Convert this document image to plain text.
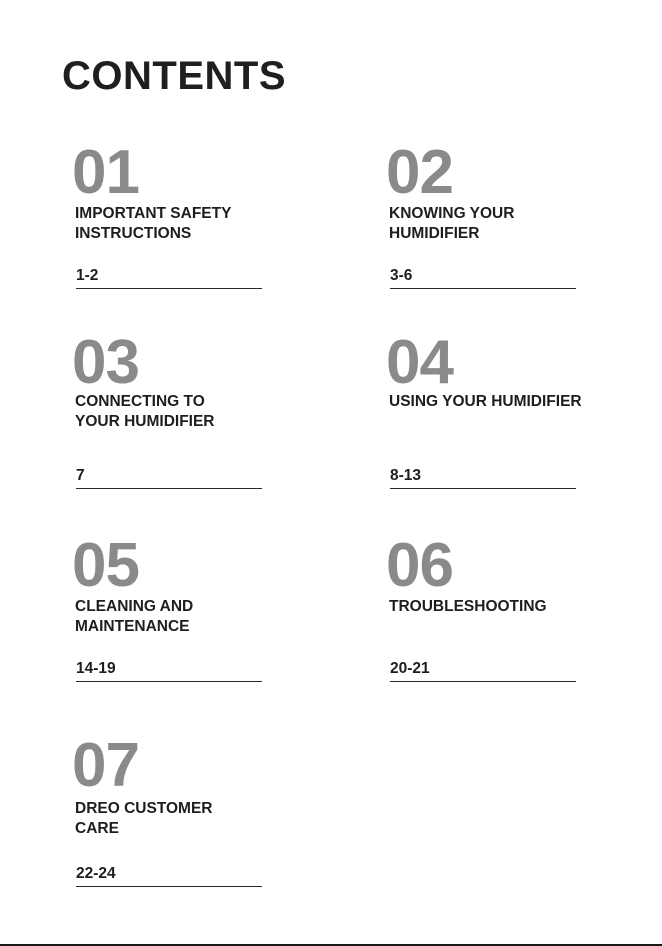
CONTENTS
01
IMPORTANT SAFETY
INSTRUCTIONS
1-2
02
KNOWING YOUR
HUMIDIFIER
3-6
03
CONNECTING TO
YOUR HUMIDIFIER
7
04
USING YOUR HUMIDIFIER
8-13
05
CLEANING AND
MAINTENANCE
14-19
06
TROUBLESHOOTING
20-21
07
DREO CUSTOMER
CARE
22-24
